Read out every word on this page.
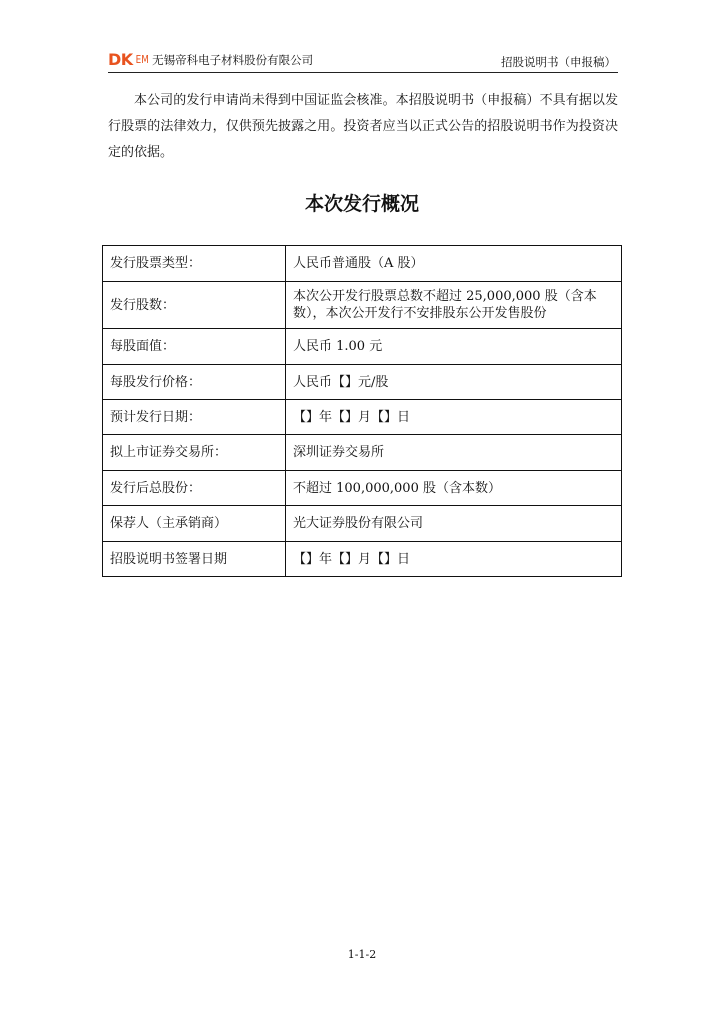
DK EM 无锡帝科电子材料股份有限公司	招股说明书（申报稿）
本公司的发行申请尚未得到中国证监会核准。本招股说明书（申报稿）不具有据以发行股票的法律效力，仅供预先披露之用。投资者应当以正式公告的招股说明书作为投资决定的依据。
本次发行概况
发行股票类型：	人民币普通股（A 股）
发行股数：	本次公开发行股票总数不超过 25,000,000 股（含本数），本次公开发行不安排股东公开发售股份
每股面值：	人民币 1.00 元
每股发行价格：	人民币【】元/股
预计发行日期：	【】年【】月【】日
拟上市证券交易所：	深圳证券交易所
发行后总股份：	不超过 100,000,000 股（含本数）
保荐人（主承销商）	光大证券股份有限公司
招股说明书签署日期	【】年【】月【】日
1-1-2
